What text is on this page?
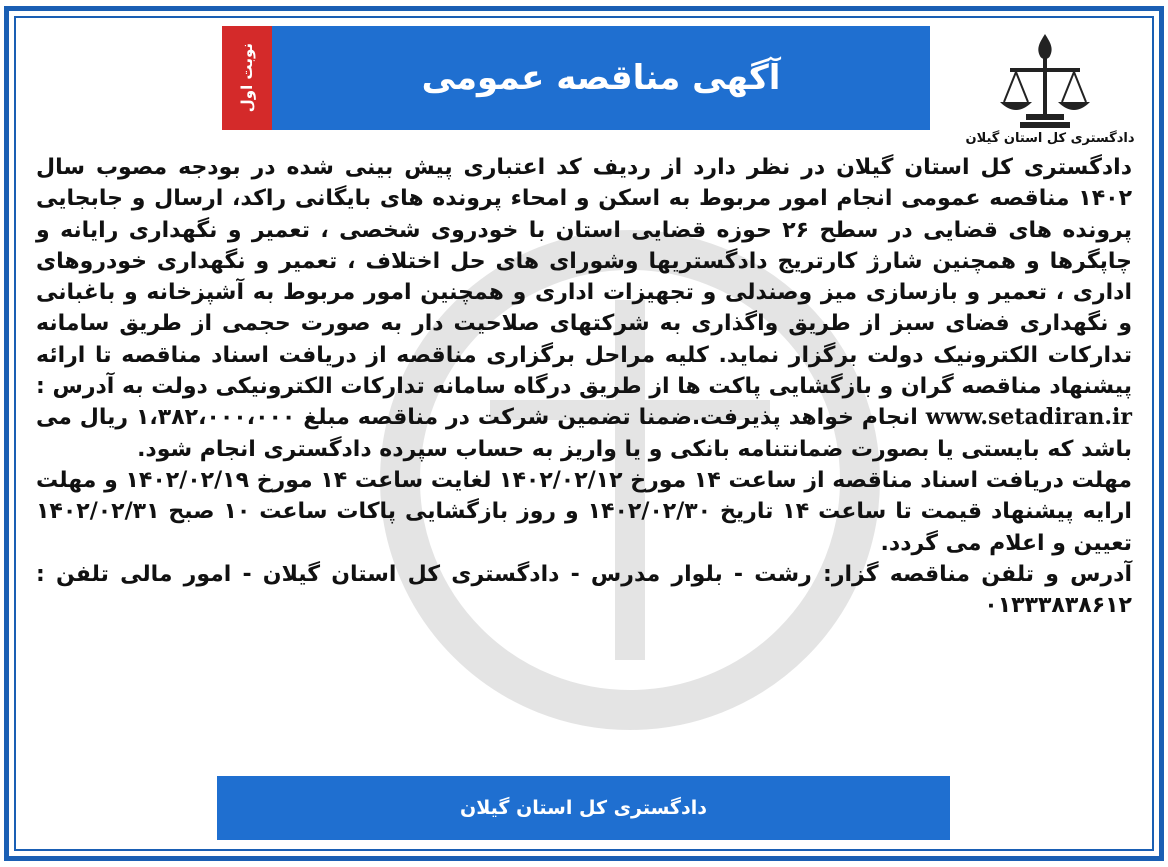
دادگستری کل استان گیلان
آگهی مناقصه عمومی
نوبت اول

دادگستری کل استان گیلان در نظر دارد از ردیف کد اعتباری پیش بینی شده در بودجه مصوب سال ۱۴۰۲ مناقصه عمومی انجام امور مربوط به اسکن و امحاء پرونده های بایگانی راکد، ارسال و جابجایی پرونده های قضایی در سطح ۲۶ حوزه قضایی استان با خودروی شخصی ، تعمیر و نگهداری رایانه و چاپگرها و همچنین شارژ کارتریج دادگستریها وشورای های حل اختلاف ، تعمیر و نگهداری خودروهای اداری ، تعمیر و بازسازی میز وصندلی و تجهیزات اداری و همچنین امور مربوط به آشپزخانه و باغبانی و نگهداری فضای سبز از طریق واگذاری به شرکتهای صلاحیت دار به صورت حجمی از طریق سامانه تدارکات الکترونیک دولت برگزار نماید. کلیه مراحل برگزاری مناقصه از دریافت اسناد مناقصه تا ارائه پیشنهاد مناقصه گران و بازگشایی پاکت ها از طریق درگاه سامانه تدارکات الکترونیکی دولت به آدرس : www.setadiran.ir انجام خواهد پذیرفت.ضمنا تضمین شرکت در مناقصه مبلغ ۱،۳۸۲،۰۰۰،۰۰۰ ریال می باشد که بایستی یا بصورت ضمانتنامه بانکی و یا واریز به حساب سپرده دادگستری انجام شود.

مهلت دریافت اسناد مناقصه از ساعت ۱۴ مورخ ۱۴۰۲/۰۲/۱۲ لغایت ساعت ۱۴ مورخ ۱۴۰۲/۰۲/۱۹ و مهلت ارایه پیشنهاد قیمت تا ساعت ۱۴ تاریخ ۱۴۰۲/۰۲/۳۰ و روز بازگشایی پاکات ساعت ۱۰ صبح ۱۴۰۲/۰۲/۳۱ تعیین و اعلام می گردد.

آدرس و تلفن مناقصه گزار: رشت - بلوار مدرس - دادگستری کل استان گیلان - امور مالی تلفن : ۰۱۳۳۳۸۳۸۶۱۲

دادگستری کل استان گیلان
